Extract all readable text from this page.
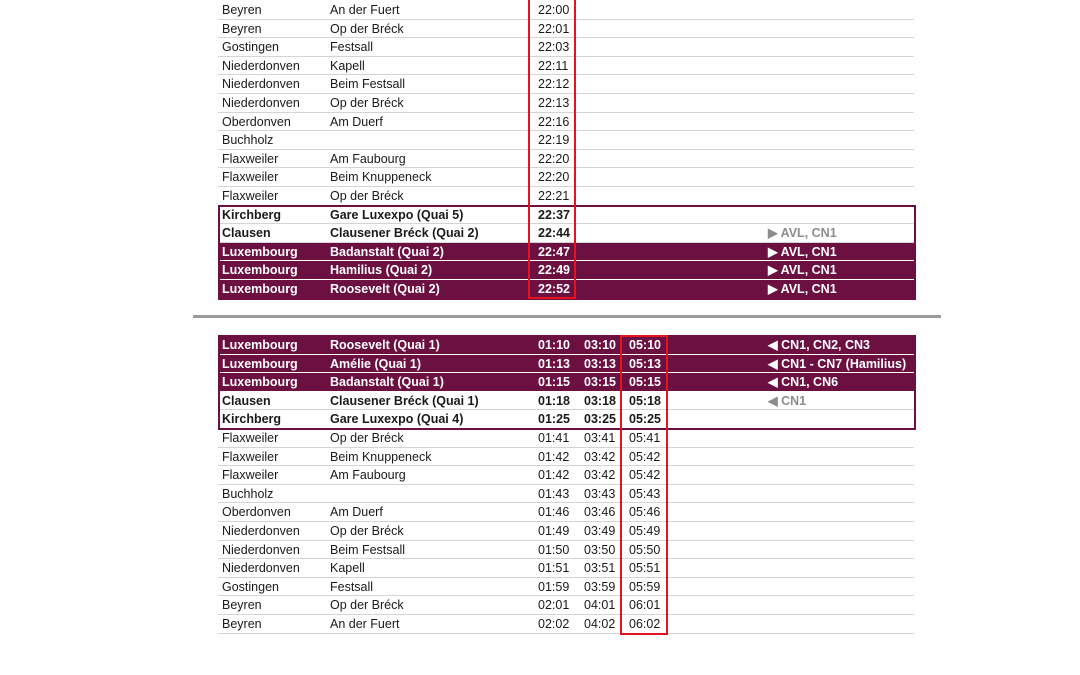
Beyren	An der Fuert	22:00
Beyren	Op der Bréck	22:01
Gostingen	Festsall	22:03
Niederdonven Kapell	22:11
Niederdonven Beim Festsall	22:12
Niederdonven Op der Bréck	22:13
Oberdonven	Am Duerf	22:16
Buchholz	22:19
Flaxweiler	Am Faubourg	22:20
Flaxweiler	Beim Knuppeneck	22:20
Flaxweiler	Op der Bréck	22:21
Kirchberg	Gare Luxexpo (Quai 5)	22:37
Clausen	Clausener Bréck (Quai 2)	22:44	▶ AVL, CN1
Luxembourg	Badanstalt (Quai 2)	22:47	▶ AVL, CN1
Luxembourg	Hamilius (Quai 2)	22:49	▶ AVL, CN1
Luxembourg	Roosevelt (Quai 2)	22:52	▶ AVL, CN1
Luxembourg	Roosevelt (Quai 1)	01:10 03:10 05:10	◀ CN1, CN2, CN3
Luxembourg	Amélie (Quai 1)	01:13 03:13 05:13	◀ CN1 - CN7 (Hamilius)
Luxembourg	Badanstalt (Quai 1)	01:15 03:15 05:15	◀ CN1, CN6
Clausen	Clausener Bréck (Quai 1)	01:18 03:18 05:18	◀ CN1
Kirchberg	Gare Luxexpo (Quai 4)	01:25 03:25 05:25
Flaxweiler	Op der Bréck	01:41 03:41 05:41
Flaxweiler	Beim Knuppeneck	01:42 03:42 05:42
Flaxweiler	Am Faubourg	01:42 03:42 05:42
Buchholz	01:43 03:43 05:43
Oberdonven	Am Duerf	01:46 03:46 05:46
Niederdonven Op der Bréck	01:49 03:49 05:49
Niederdonven Beim Festsall	01:50 03:50 05:50
Niederdonven Kapell	01:51 03:51 05:51
Gostingen	Festsall	01:59 03:59 05:59
Beyren	Op der Bréck	02:01 04:01 06:01
Beyren	An der Fuert	02:02 04:02 06:02
